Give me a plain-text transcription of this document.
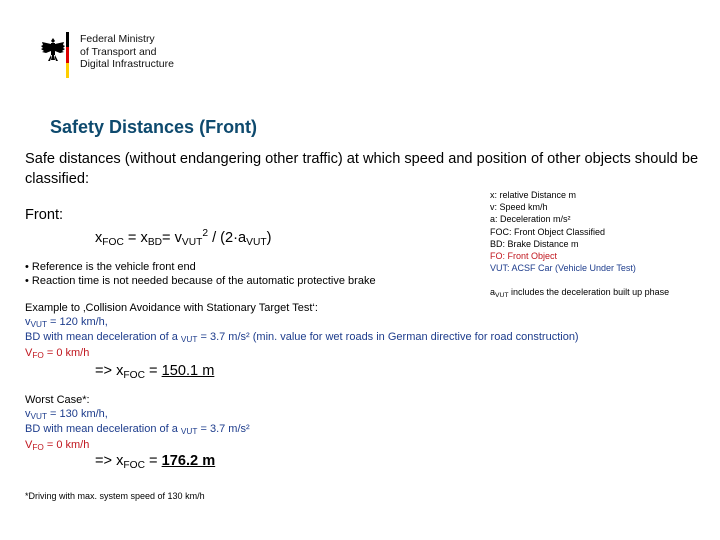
Federal Ministry
of Transport and
Digital Infrastructure
Safety Distances (Front)
Safe distances (without endangering other traffic) at which speed and position of other objects should be classified:
Front:
$x_{FOC} = x_{BD}= v_{VUT}^2 / (2\cdot a_{VUT})$
• Reference is the vehicle front end
• Reaction time is not needed because of the automatic protective brake
x: relative Distance m
v: Speed km/h
a: Deceleration m/s²
FOC: Front Object Classified
BD: Brake Distance m
FO: Front Object
VUT: ACSF Car (Vehicle Under Test)
$a_{VUT}$ includes the deceleration built up phase
Example to ‚Collision Avoidance with Stationary Target Test‘:
$v_{VUT} = 120$ km/h,
BD with mean deceleration of a $_{VUT}$ = 3.7 m/s² (min. value for wet roads in German directive for road construction)
$V_{FO} = 0$ km/h
=> $x_{FOC} = 150.1$ m
Worst Case*:
$v_{VUT} = 130$ km/h,
BD with mean deceleration of a $_{VUT}$ = 3.7 m/s²
$V_{FO} = 0$ km/h
=> $x_{FOC} = 176.2$ m
*Driving with max. system speed of 130 km/h
